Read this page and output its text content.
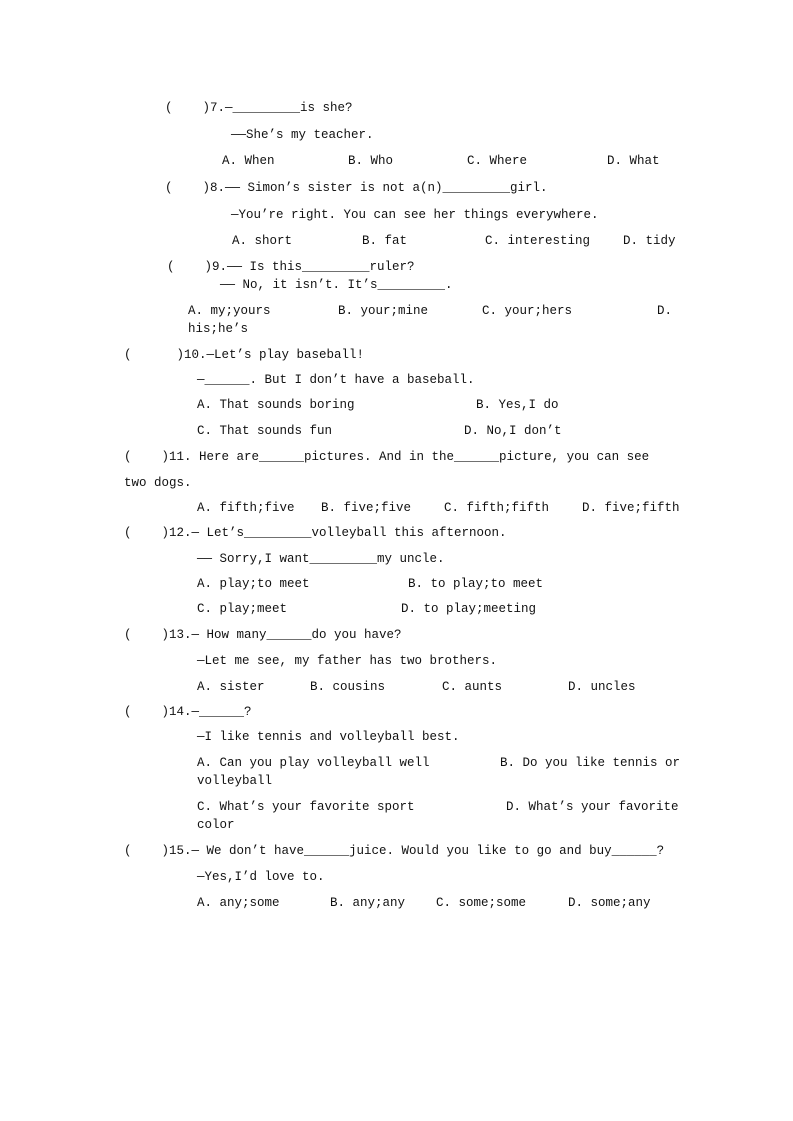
(    )7.—_________is she?
——She’s my teacher.
A. When	B. Who	C. Where	D. What
(    )8.—— Simon’s sister is not a(n)_________girl.
—You’re right. You can see her things everywhere.
A. short	B. fat	C. interesting	D. tidy
(    )9.—— Is this_________ruler?
—— No, it isn’t. It’s_________.
A. my;yours	B. your;mine	C. your;hers	D.
his;he’s
(      )10.—Let’s play baseball!
—______. But I don’t have a baseball.
A. That sounds boring	B. Yes,I do
C. That sounds fun	D. No,I don’t
(    )11. Here are______pictures. And in the______picture, you can see
two dogs.
A. fifth;five B. five;five	C. fifth;fifth	D. five;fifth
(    )12.— Let’s_________volleyball this afternoon.
—— Sorry,I want_________my uncle.
A. play;to meet	B. to play;to meet
C. play;meet	D. to play;meeting
(    )13.— How many______do you have?
—Let me see, my father has two brothers.
A. sister	B. cousins	C. aunts	D. uncles
(    )14.—______?
—I like tennis and volleyball best.
A. Can you play volleyball well	B. Do you like tennis or
volleyball
C. What’s your favorite sport	D. What’s your favorite
color
(    )15.— We don’t have______juice. Would you like to go and buy______?
—Yes,I’d love to.
A. any;some	B. any;any C. some;some	D. some;any
